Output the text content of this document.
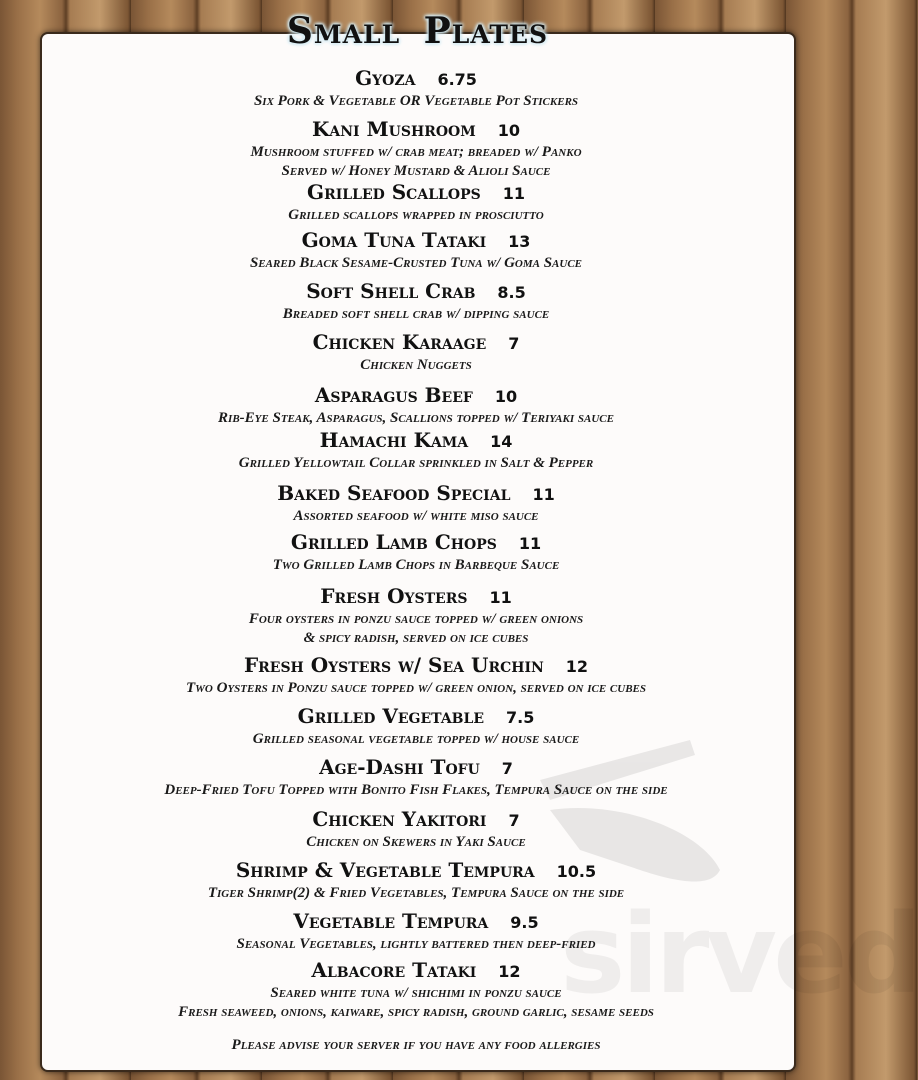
Small Plates
sirved
Gyoza 6.75
Six Pork & Vegetable OR Vegetable Pot Stickers
Kani Mushroom 10
Mushroom stuffed w/ crab meat; breaded w/ Panko
Served w/ Honey Mustard & Alioli Sauce
Grilled Scallops 11
Grilled scallops wrapped in prosciutto
Goma Tuna Tataki 13
Seared Black Sesame-Crusted Tuna w/ Goma Sauce
Soft Shell Crab 8.5
Breaded soft shell crab w/ dipping sauce
Chicken Karaage 7
Chicken Nuggets
Asparagus Beef 10
Rib-Eye Steak, Asparagus, Scallions topped w/ Teriyaki sauce
Hamachi Kama 14
Grilled Yellowtail Collar sprinkled in Salt & Pepper
Baked Seafood Special 11
Assorted seafood w/ white miso sauce
Grilled Lamb Chops 11
Two Grilled Lamb Chops in Barbeque Sauce
Fresh Oysters 11
Four oysters in ponzu sauce topped w/ green onions
& spicy radish, served on ice cubes
Fresh Oysters w/ Sea Urchin 12
Two Oysters in Ponzu sauce topped w/ green onion, served on ice cubes
Grilled Vegetable 7.5
Grilled seasonal vegetable topped w/ house sauce
Age-Dashi Tofu 7
Deep-Fried Tofu Topped with Bonito Fish Flakes, Tempura Sauce on the side
Chicken Yakitori 7
Chicken on Skewers in Yaki Sauce
Shrimp & Vegetable Tempura 10.5
Tiger Shrimp(2) & Fried Vegetables, Tempura Sauce on the side
Vegetable Tempura 9.5
Seasonal Vegetables, lightly battered then deep-fried
Albacore Tataki 12
Seared white tuna w/ shichimi in ponzu sauce
Fresh seaweed, onions, kaiware, spicy radish, ground garlic, sesame seeds
Please advise your server if you have any food allergies
